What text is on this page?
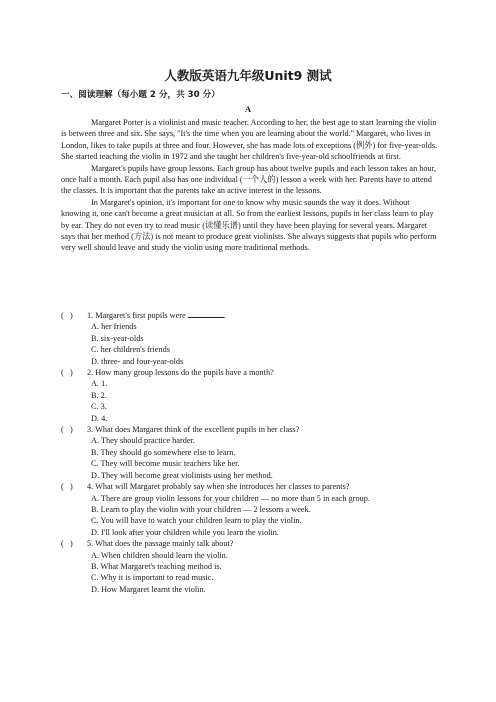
人教版英语九年级Unit9 测试
一、阅读理解（每小题 2 分，共 30 分）
A

Margaret Porter is a violinist and music teacher. According to her, the best age to start learning the violin is between three and six. She says, "It's the time when you are learning about the world." Margaret, who lives in London, likes to take pupils at three and four. However, she has made lots of exceptions (例外) for five-year-olds. She started teaching the violin in 1972 and she taught her children's five-year-old schoolfriends at first.

Margaret's pupils have group lessons. Each group has about twelve pupils and each lesson takes an hour, once half a month. Each pupil also has one individual (一个人的) lesson a week with her. Parents have to attend the classes. It is important that the parents take an active interest in the lessons.

In Margaret's opinion, it's important for one to know why music sounds the way it does. Without knowing it, one can't become a great musician at all. So from the earliest lessons, pupils in her class learn to play by ear. They do not even try to read music (读懂乐谱) until they have been playing for several years. Margaret says that her method (方法) is not meant to produce great violinists. She always suggests that pupils who perform very well should leave and study the violin using more traditional methods.

( ) 1. Margaret's first pupils were	.
A. her friends
B. six-year-olds
C. her children's friends
D. three- and four-year-olds
( ) 2. How many group lessons do the pupils have a month?
A. 1.
B. 2.
C. 3.
D. 4.
( ) 3. What does Margaret think of the excellent pupils in her class?
A. They should practice harder.
B. They should go somewhere else to learn.
C. They will become music teachers like her.
D. They will become great violinists using her method.
( ) 4. What will Margaret probably say when she introduces her classes to parents?
A. There are group violin lessons for your children — no more than 5 in each group.
B. Learn to play the violin with your children — 2 lessons a week.
C. You will have to watch your children learn to play the violin.
D. I'll look after your children while you learn the violin.
( ) 5. What does the passage mainly talk about?
A. When children should learn the violin.
B. What Margaret's teaching method is.
C. Why it is important to read music.
D. How Margaret learnt the violin.
